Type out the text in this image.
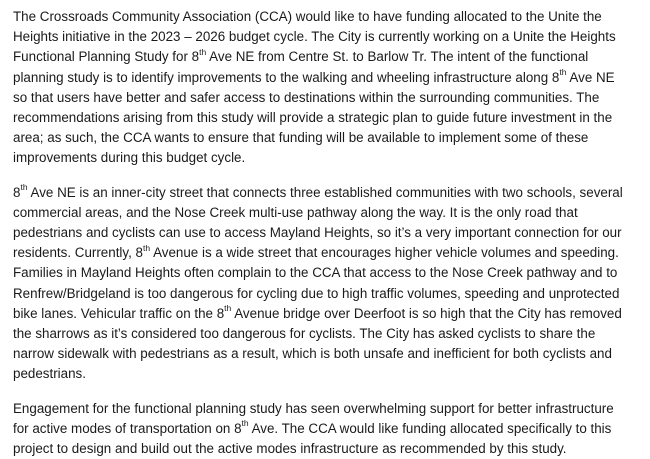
The Crossroads Community Association (CCA) would like to have funding allocated to the Unite the
Heights initiative in the 2023 – 2026 budget cycle. The City is currently working on a Unite the Heights
Functional Planning Study for 8th Ave NE from Centre St. to Barlow Tr. The intent of the functional
planning study is to identify improvements to the walking and wheeling infrastructure along 8th Ave NE
so that users have better and safer access to destinations within the surrounding communities. The
recommendations arising from this study will provide a strategic plan to guide future investment in the
area; as such, the CCA wants to ensure that funding will be available to implement some of these
improvements during this budget cycle.

8th Ave NE is an inner-city street that connects three established communities with two schools, several
commercial areas, and the Nose Creek multi-use pathway along the way. It is the only road that
pedestrians and cyclists can use to access Mayland Heights, so it’s a very important connection for our
residents. Currently, 8th Avenue is a wide street that encourages higher vehicle volumes and speeding.
Families in Mayland Heights often complain to the CCA that access to the Nose Creek pathway and to
Renfrew/Bridgeland is too dangerous for cycling due to high traffic volumes, speeding and unprotected
bike lanes. Vehicular traffic on the 8th Avenue bridge over Deerfoot is so high that the City has removed
the sharrows as it’s considered too dangerous for cyclists. The City has asked cyclists to share the
narrow sidewalk with pedestrians as a result, which is both unsafe and inefficient for both cyclists and
pedestrians.

Engagement for the functional planning study has seen overwhelming support for better infrastructure
for active modes of transportation on 8th Ave. The CCA would like funding allocated specifically to this
project to design and build out the active modes infrastructure as recommended by this study.
